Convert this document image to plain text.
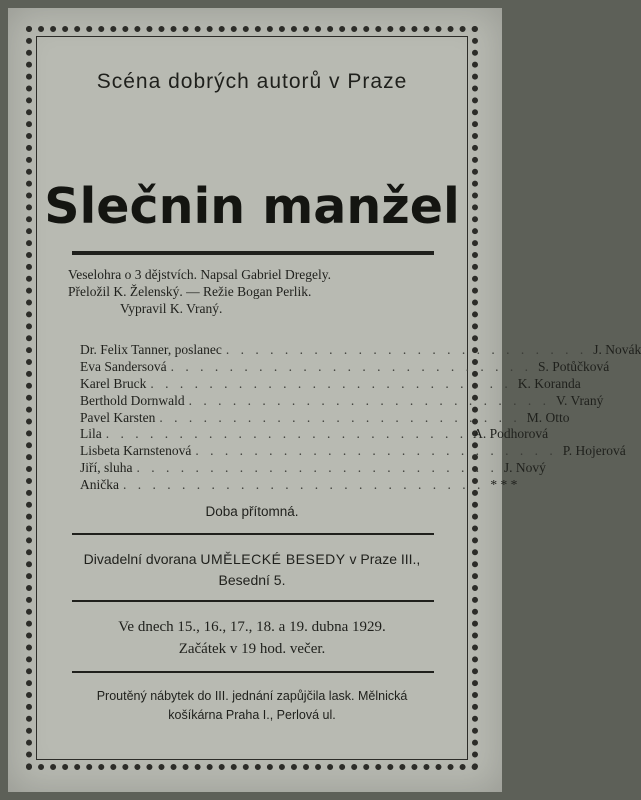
Scéna dobrých autorů v Praze
Slečnin manžel
Veselohra o 3 dějstvích. Napsal Gabriel Dregely.
Přeložil K. Želenský. — Režie Bogan Perlik.
Vypravil K. Vraný.
Dr. Felix Tanner, poslanec . . . . . . . . . . . . . . . . . . . . . . . . . J. Novák
Eva Sandersová . . . . . . . . . . . . . . . . . . . . . . . . . S. Potůčková
Karel Bruck . . . . . . . . . . . . . . . . . . . . . . . . . K. Koranda
Berthold Dornwald . . . . . . . . . . . . . . . . . . . . . . . . . V. Vraný
Pavel Karsten . . . . . . . . . . . . . . . . . . . . . . . . . M. Otto
Lila . . . . . . . . . . . . . . . . . . . . . . . . . A. Podhorová
Lisbeta Karnstenová . . . . . . . . . . . . . . . . . . . . . . . . . P. Hojerová
Jiří, sluha . . . . . . . . . . . . . . . . . . . . . . . . . J. Nový
Anička . . . . . . . . . . . . . . . . . . . . . . . . . * * *
Doba přítomná.
Divadelní dvorana UMĚLECKÉ BESEDY v Praze III.,
Besední 5.
Ve dnech 15., 16., 17., 18. a 19. dubna 1929.
Začátek v 19 hod. večer.
Proutěný nábytek do III. jednání zapůjčila lask. Mělnická
košíkárna Praha I., Perlová ul.
